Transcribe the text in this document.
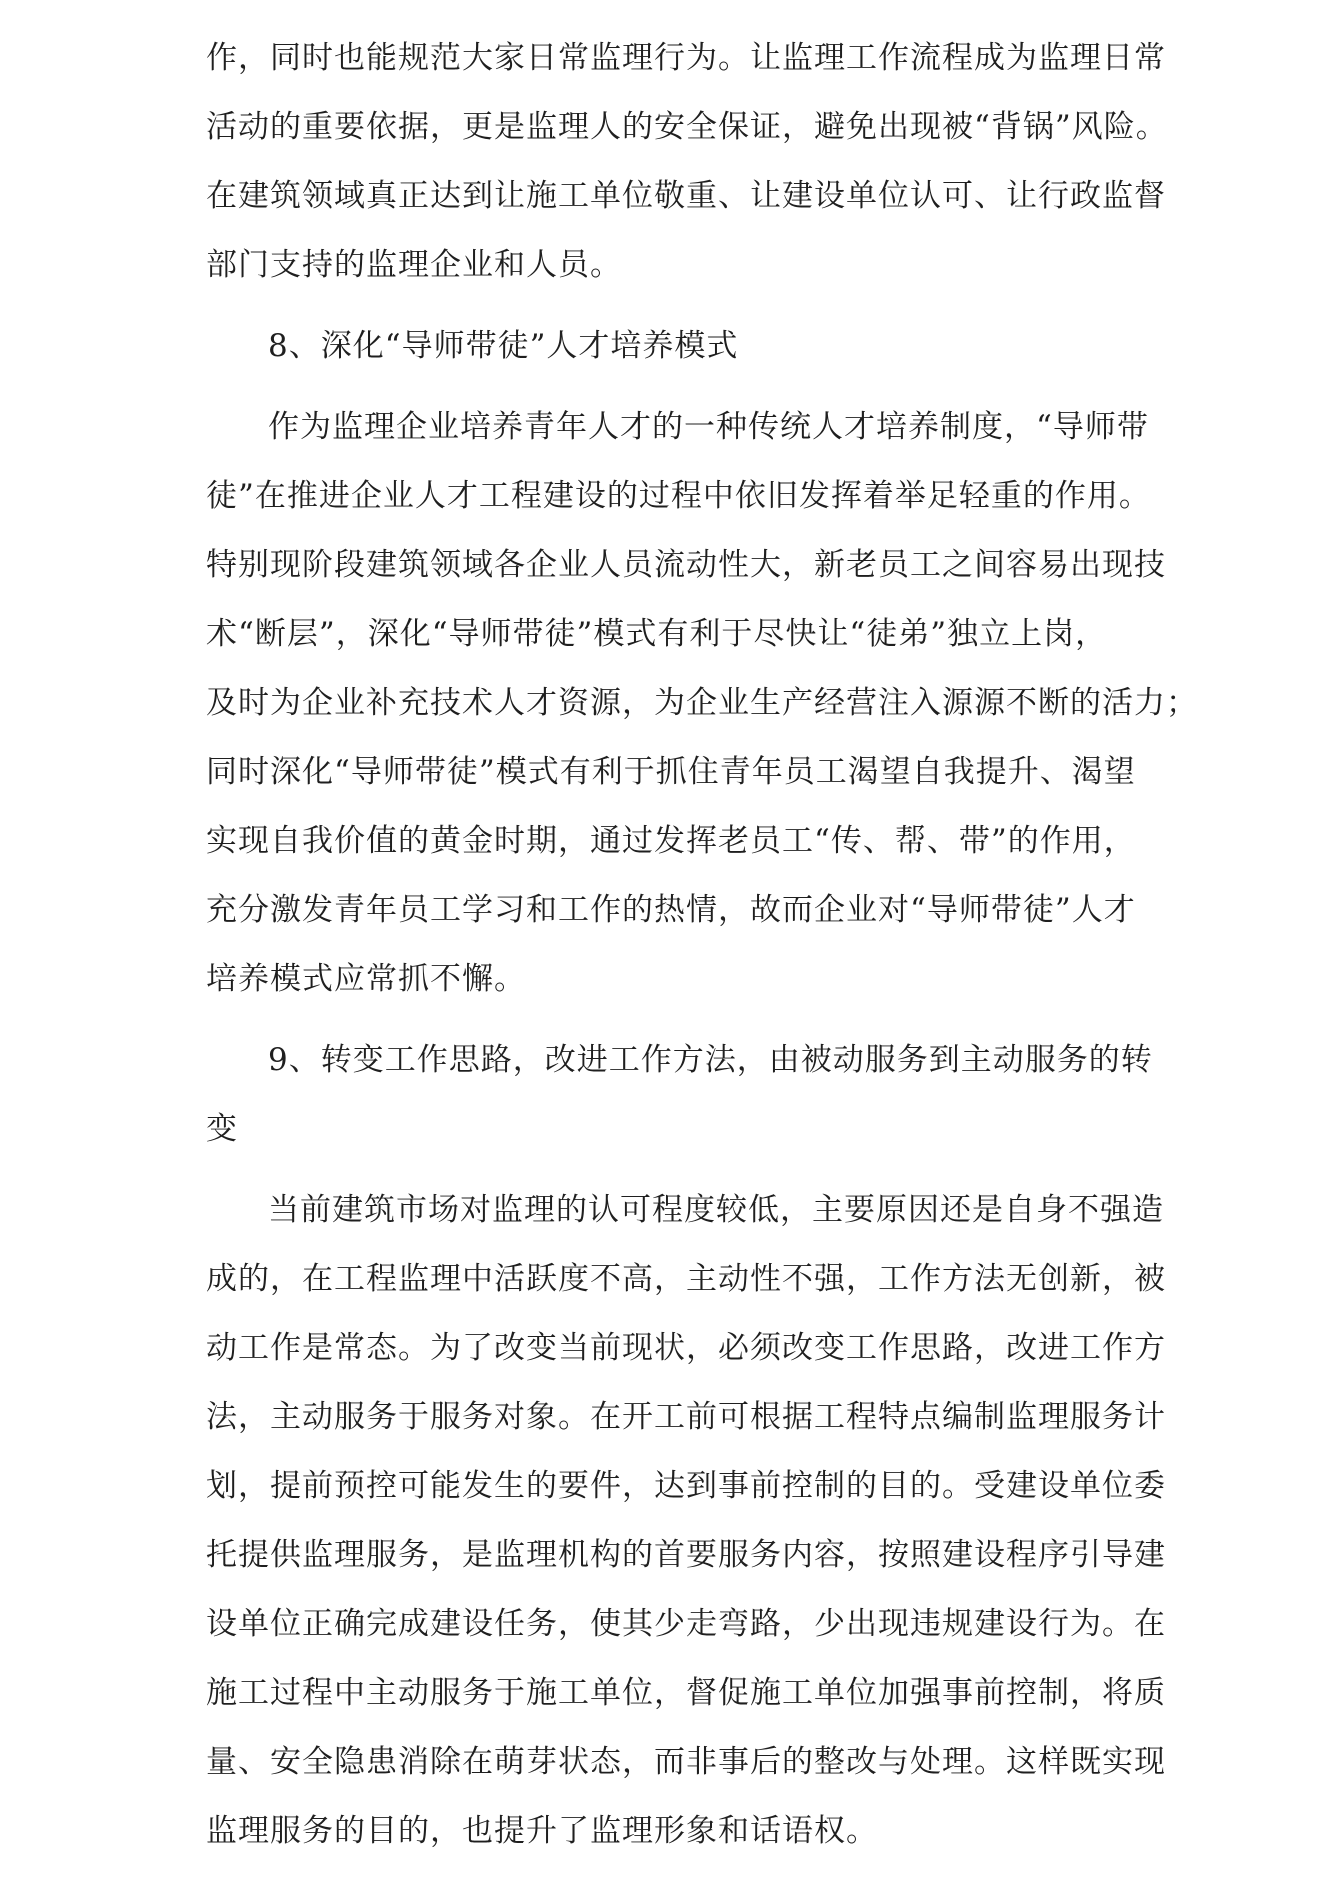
作，同时也能规范大家日常监理行为。让监理工作流程成为监理日常
活动的重要依据，更是监理人的安全保证，避免出现被“背锅”风险。
在建筑领域真正达到让施工单位敬重、让建设单位认可、让行政监督
部门支持的监理企业和人员。
8、深化“导师带徒”人才培养模式
作为监理企业培养青年人才的一种传统人才培养制度，“导师带
徒”在推进企业人才工程建设的过程中依旧发挥着举足轻重的作用。
特别现阶段建筑领域各企业人员流动性大，新老员工之间容易出现技
术“断层”，深化“导师带徒”模式有利于尽快让“徒弟”独立上岗，
及时为企业补充技术人才资源，为企业生产经营注入源源不断的活力；
同时深化“导师带徒”模式有利于抓住青年员工渴望自我提升、渴望
实现自我价值的黄金时期，通过发挥老员工“传、帮、带”的作用，
充分激发青年员工学习和工作的热情，故而企业对“导师带徒”人才
培养模式应常抓不懈。
9、转变工作思路，改进工作方法，由被动服务到主动服务的转
变
当前建筑市场对监理的认可程度较低，主要原因还是自身不强造
成的，在工程监理中活跃度不高，主动性不强，工作方法无创新，被
动工作是常态。为了改变当前现状，必须改变工作思路，改进工作方
法，主动服务于服务对象。在开工前可根据工程特点编制监理服务计
划，提前预控可能发生的要件，达到事前控制的目的。受建设单位委
托提供监理服务，是监理机构的首要服务内容，按照建设程序引导建
设单位正确完成建设任务，使其少走弯路，少出现违规建设行为。在
施工过程中主动服务于施工单位，督促施工单位加强事前控制，将质
量、安全隐患消除在萌芽状态，而非事后的整改与处理。这样既实现
监理服务的目的，也提升了监理形象和话语权。
